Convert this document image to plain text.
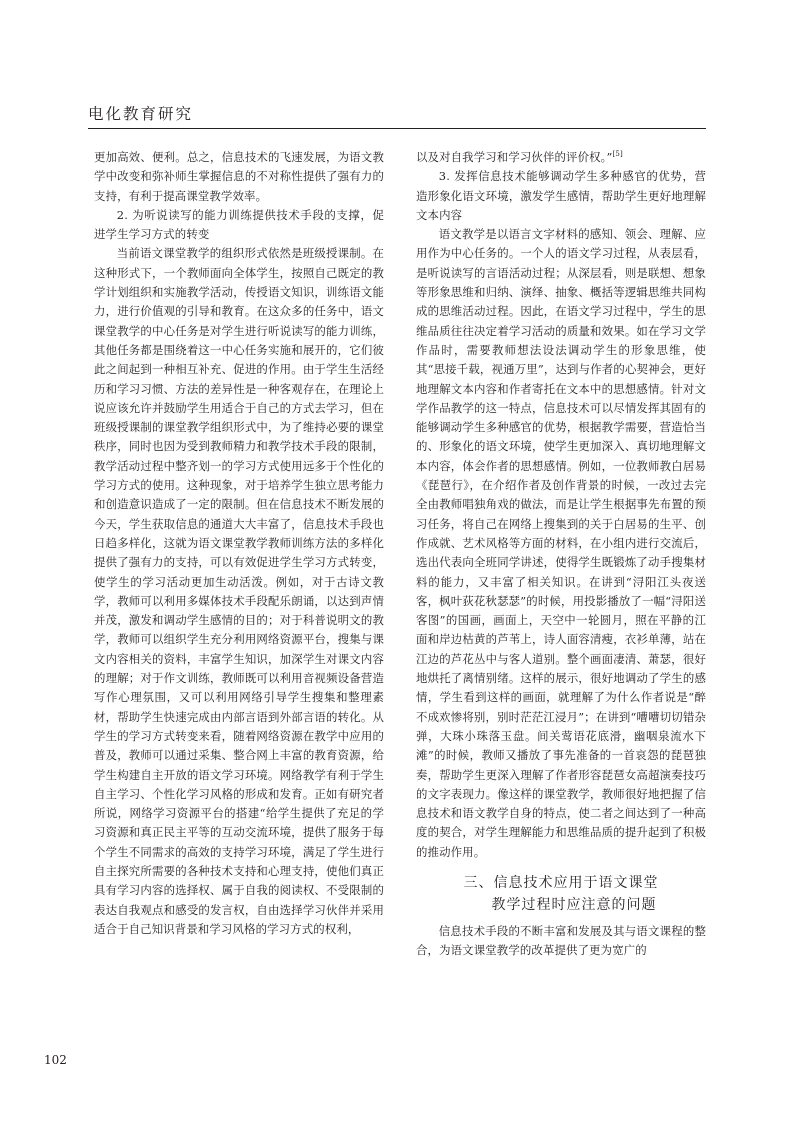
电化教育研究

更加高效、便利。总之，信息技术的飞速发展，为语文教学中改变和弥补师生掌握信息的不对称性提供了强有力的支持，有利于提高课堂教学效率。

2. 为听说读写的能力训练提供技术手段的支撑，促进学生学习方式的转变

当前语文课堂教学的组织形式依然是班级授课制。在这种形式下，一个教师面向全体学生，按照自己既定的教学计划组织和实施教学活动，传授语文知识，训练语文能力，进行价值观的引导和教育。在这众多的任务中，语文课堂教学的中心任务是对学生进行听说读写的能力训练，其他任务都是围绕着这一中心任务实施和展开的，它们彼此之间起到一种相互补充、促进的作用。由于学生生活经历和学习习惯、方法的差异性是一种客观存在，在理论上说应该允许并鼓励学生用适合于自己的方式去学习，但在班级授课制的课堂教学组织形式中，为了维持必要的课堂秩序，同时也因为受到教师精力和教学技术手段的限制，教学活动过程中整齐划一的学习方式使用远多于个性化的学习方式的使用。这种现象，对于培养学生独立思考能力和创造意识造成了一定的限制。但在信息技术不断发展的今天，学生获取信息的通道大大丰富了，信息技术手段也日趋多样化，这就为语文课堂教学教师训练方法的多样化提供了强有力的支持，可以有效促进学生学习方式转变，使学生的学习活动更加生动活泼。例如，对于古诗文教学，教师可以利用多媒体技术手段配乐朗诵，以达到声情并茂，激发和调动学生感情的目的；对于科普说明文的教学，教师可以组织学生充分利用网络资源平台，搜集与课文内容相关的资料，丰富学生知识，加深学生对课文内容的理解；对于作文训练，教师既可以利用音视频设备营造写作心理氛围，又可以利用网络引导学生搜集和整理素材，帮助学生快速完成由内部言语到外部言语的转化。从学生的学习方式转变来看，随着网络资源在教学中应用的普及，教师可以通过采集、整合网上丰富的教育资源，给学生构建自主开放的语文学习环境。网络教学有利于学生自主学习、个性化学习风格的形成和发育。正如有研究者所说，网络学习资源平台的搭建“给学生提供了充足的学习资源和真正民主平等的互动交流环境，提供了服务于每个学生不同需求的高效的支持学习环境，满足了学生进行自主探究所需要的各种技术支持和心理支持，使他们真正具有学习内容的选择权、属于自我的阅读权、不受限制的表达自我观点和感受的发言权，自由选择学习伙伴并采用适合于自己知识背景和学习风格的学习方式的权利，

以及对自我学习和学习伙伴的评价权。”[5]

3. 发挥信息技术能够调动学生多种感官的优势，营造形象化语文环境，激发学生感情，帮助学生更好地理解文本内容

语文教学是以语言文字材料的感知、领会、理解、应用作为中心任务的。一个人的语文学习过程，从表层看，是听说读写的言语活动过程；从深层看，则是联想、想象等形象思维和归纳、演绎、抽象、概括等逻辑思维共同构成的思维活动过程。因此，在语文学习过程中，学生的思维品质往往决定着学习活动的质量和效果。如在学习文学作品时，需要教师想法设法调动学生的形象思维，使其“思接千载，视通万里”，达到与作者的心契神会，更好地理解文本内容和作者寄托在文本中的思想感情。针对文学作品教学的这一特点，信息技术可以尽情发挥其固有的能够调动学生多种感官的优势，根据教学需要，营造恰当的、形象化的语文环境，使学生更加深入、真切地理解文本内容，体会作者的思想感情。例如，一位教师教白居易《琵琶行》，在介绍作者及创作背景的时候，一改过去完全由教师唱独角戏的做法，而是让学生根据事先布置的预习任务，将自己在网络上搜集到的关于白居易的生平、创作成就、艺术风格等方面的材料，在小组内进行交流后，选出代表向全班同学讲述，使得学生既锻炼了动手搜集材料的能力，又丰富了相关知识。在讲到“浔阳江头夜送客，枫叶荻花秋瑟瑟”的时候，用投影播放了一幅“浔阳送客图”的国画，画面上，天空中一轮圆月，照在平静的江面和岸边枯黄的芦苇上，诗人面容清瘦，衣衫单薄，站在江边的芦花丛中与客人道别。整个画面凄清、萧瑟，很好地烘托了离情别绪。这样的展示，很好地调动了学生的感情，学生看到这样的画面，就理解了为什么作者说是“醉不成欢惨将别，别时茫茫江浸月”；在讲到“嘈嘈切切错杂弹，大珠小珠落玉盘。间关莺语花底滑，幽咽泉流水下滩”的时候，教师又播放了事先准备的一首哀怨的琵琶独奏，帮助学生更深入理解了作者形容琵琶女高超演奏技巧的文字表现力。像这样的课堂教学，教师很好地把握了信息技术和语文教学自身的特点，使二者之间达到了一种高度的契合，对学生理解能力和思维品质的提升起到了积极的推动作用。

三、信息技术应用于语文课堂
教学过程时应注意的问题

信息技术手段的不断丰富和发展及其与语文课程的整合，为语文课堂教学的改革提供了更为宽广的

102
